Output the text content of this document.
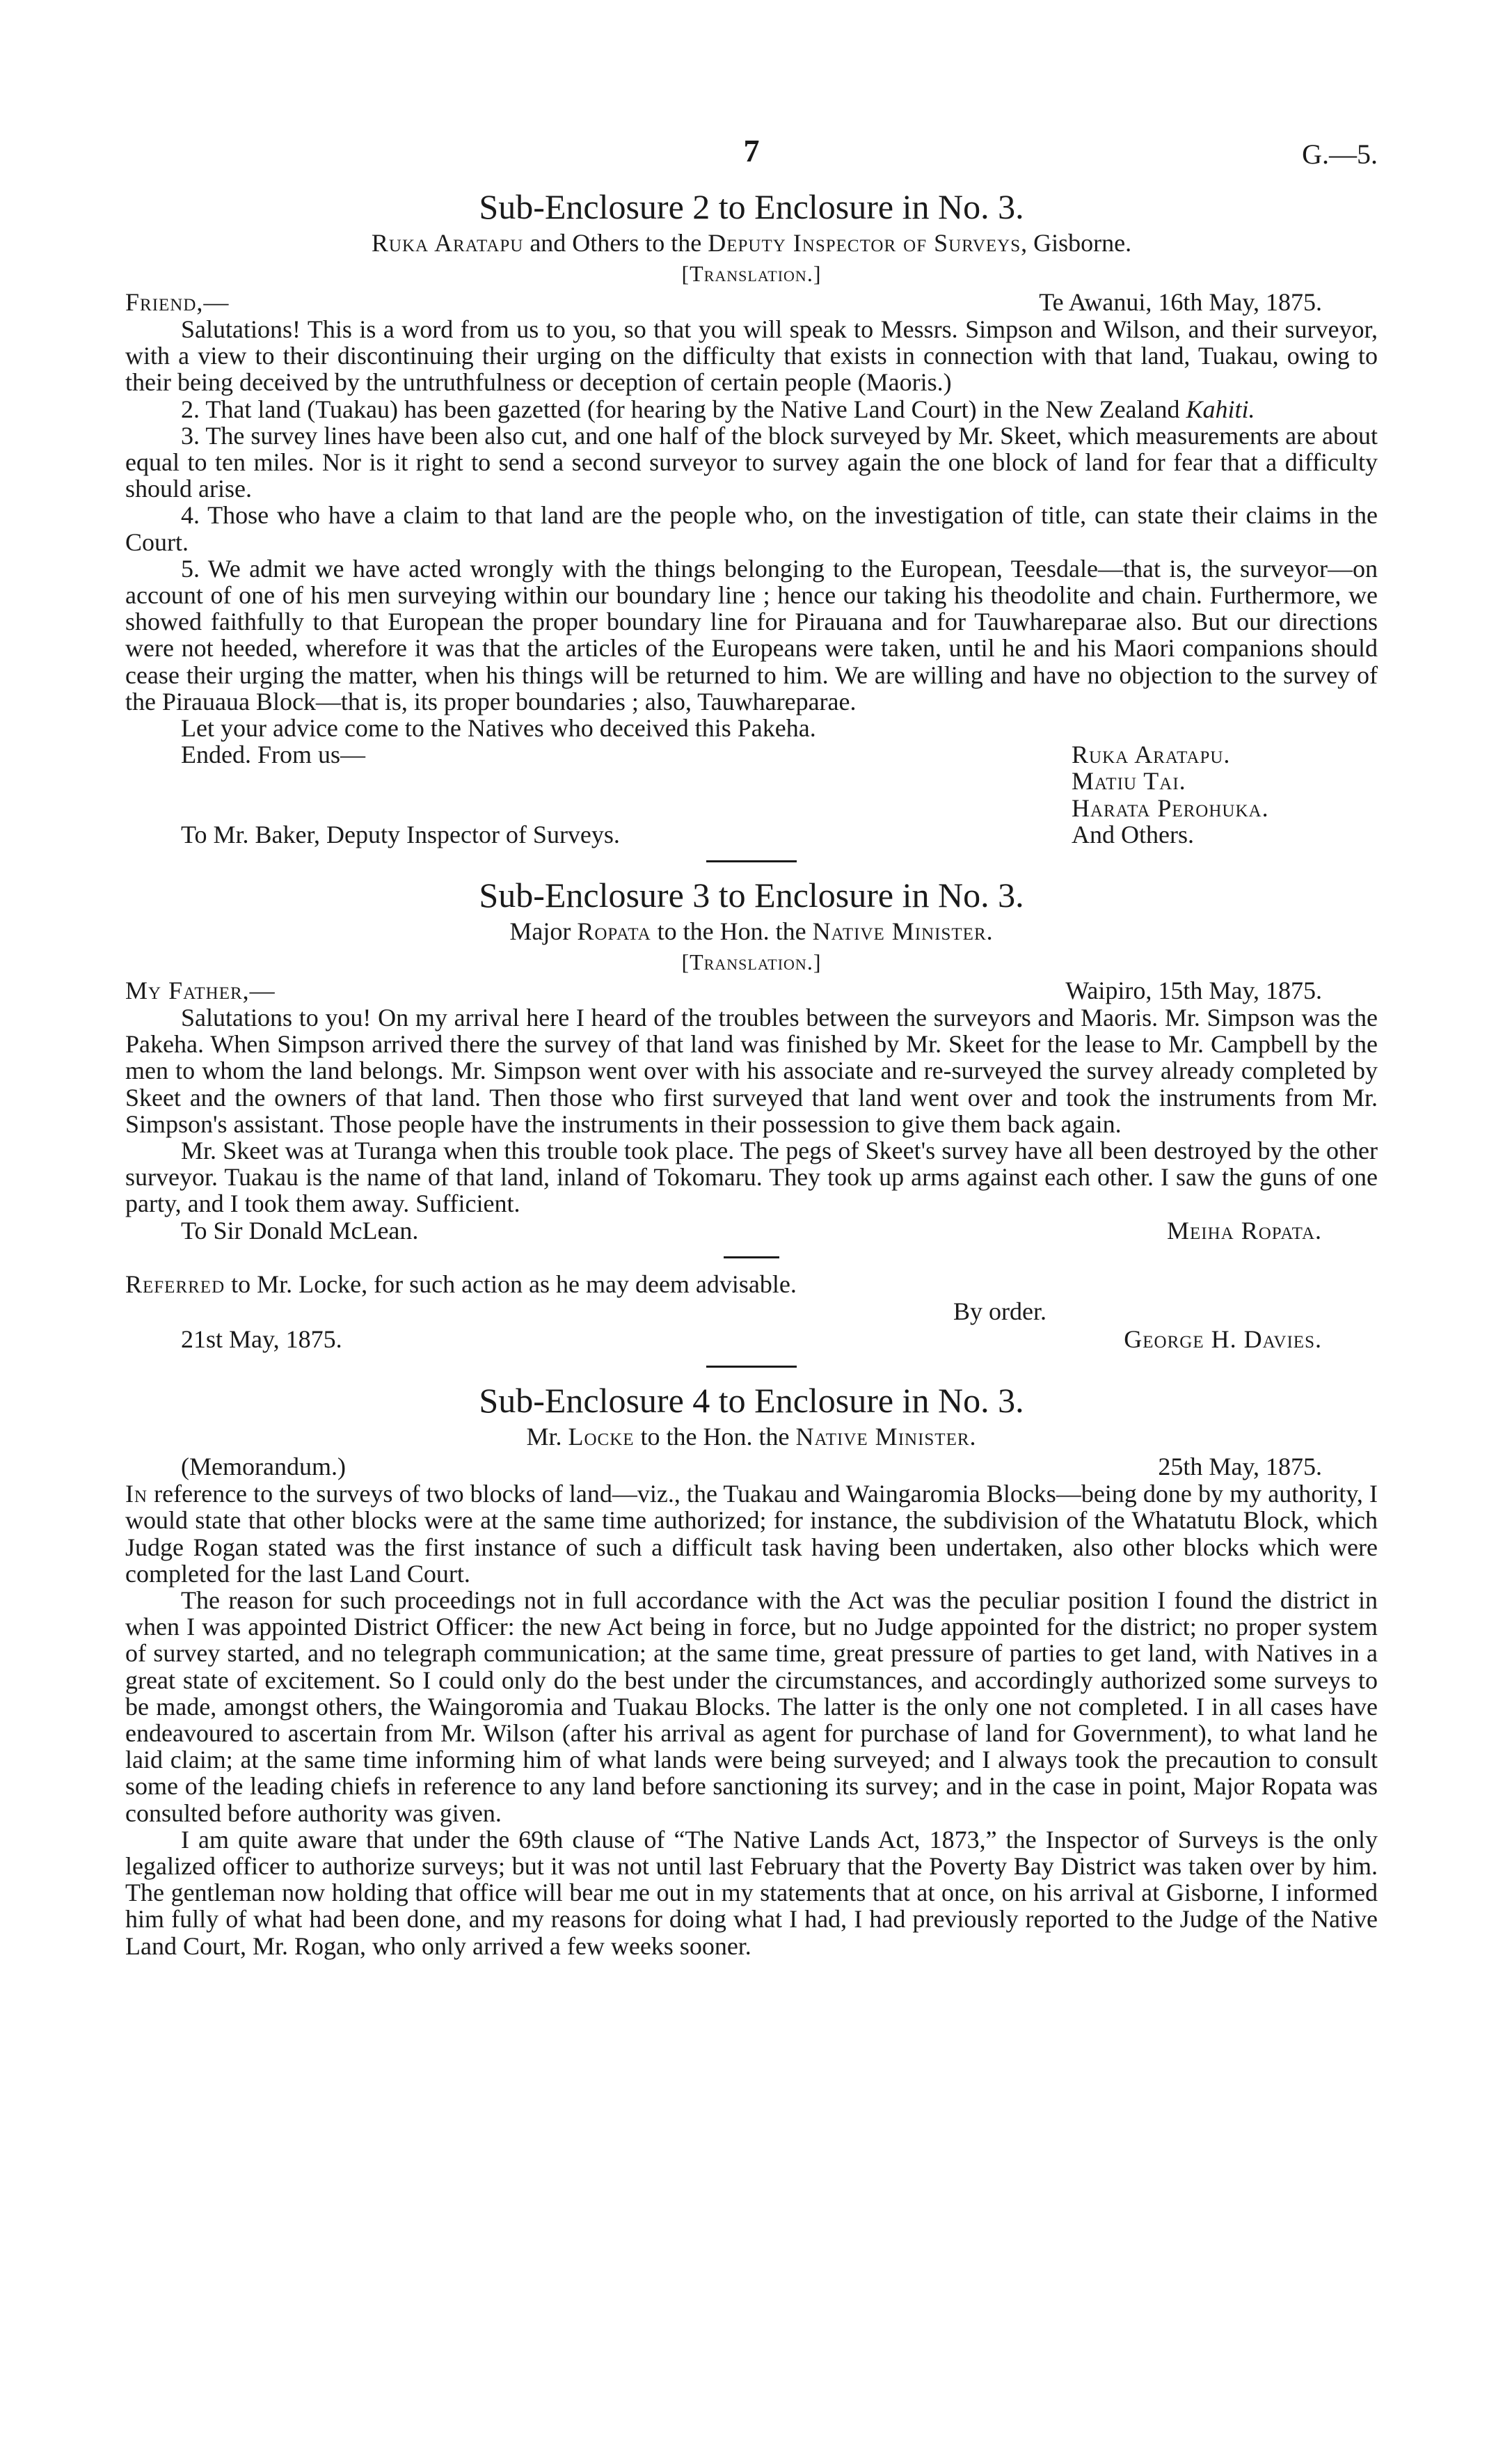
7	G.—5.
Sub-Enclosure 2 to Enclosure in No. 3.
Ruka Aratapu and Others to the Deputy Inspector of Surveys, Gisborne.
[Translation.]
Friend,—	Te Awanui, 16th May, 1875.

Salutations! This is a word from us to you, so that you will speak to Messrs. Simpson and Wilson, and their surveyor, with a view to their discontinuing their urging on the difficulty that exists in connection with that land, Tuakau, owing to their being deceived by the untruthfulness or deception of certain people (Maoris.)

2. That land (Tuakau) has been gazetted (for hearing by the Native Land Court) in the New Zealand Kahiti.

3. The survey lines have been also cut, and one half of the block surveyed by Mr. Skeet, which measurements are about equal to ten miles. Nor is it right to send a second surveyor to survey again the one block of land for fear that a difficulty should arise.

4. Those who have a claim to that land are the people who, on the investigation of title, can state their claims in the Court.

5. We admit we have acted wrongly with the things belonging to the European, Teesdale—that is, the surveyor—on account of one of his men surveying within our boundary line ; hence our taking his theodolite and chain. Furthermore, we showed faithfully to that European the proper boundary line for Pirauana and for Tauwhareparae also. But our directions were not heeded, wherefore it was that the articles of the Europeans were taken, until he and his Maori companions should cease their urging the matter, when his things will be returned to him. We are willing and have no objection to the survey of the Pirauaua Block—that is, its proper boundaries ; also, Tauwhareparae.

Let your advice come to the Natives who deceived this Pakeha.

Ended. From us—	Ruka Aratapu.
Matiu Tai.
Harata Perohuka.
To Mr. Baker, Deputy Inspector of Surveys.	And Others.
Sub-Enclosure 3 to Enclosure in No. 3.
Major Ropata to the Hon. the Native Minister.
[Translation.]
My Father,—	Waipiro, 15th May, 1875.

Salutations to you! On my arrival here I heard of the troubles between the surveyors and Maoris. Mr. Simpson was the Pakeha. When Simpson arrived there the survey of that land was finished by Mr. Skeet for the lease to Mr. Campbell by the men to whom the land belongs. Mr. Simpson went over with his associate and re-surveyed the survey already completed by Skeet and the owners of that land. Then those who first surveyed that land went over and took the instruments from Mr. Simpson's assistant. Those people have the instruments in their possession to give them back again.

Mr. Skeet was at Turanga when this trouble took place. The pegs of Skeet's survey have all been destroyed by the other surveyor. Tuakau is the name of that land, inland of Tokomaru. They took up arms against each other. I saw the guns of one party, and I took them away. Sufficient.

To Sir Donald McLean.	Meiha Ropata.

Referred to Mr. Locke, for such action as he may deem advisable.

By order.
21st May, 1875.	George H. Davies.
Sub-Enclosure 4 to Enclosure in No. 3.
Mr. Locke to the Hon. the Native Minister.
(Memorandum.)	25th May, 1875.

In reference to the surveys of two blocks of land—viz., the Tuakau and Waingaromia Blocks—being done by my authority, I would state that other blocks were at the same time authorized; for instance, the subdivision of the Whatatutu Block, which Judge Rogan stated was the first instance of such a difficult task having been undertaken, also other blocks which were completed for the last Land Court.

The reason for such proceedings not in full accordance with the Act was the peculiar position I found the district in when I was appointed District Officer: the new Act being in force, but no Judge appointed for the district; no proper system of survey started, and no telegraph communication; at the same time, great pressure of parties to get land, with Natives in a great state of excitement. So I could only do the best under the circumstances, and accordingly authorized some surveys to be made, amongst others, the Waingoromia and Tuakau Blocks. The latter is the only one not completed. I in all cases have endeavoured to ascertain from Mr. Wilson (after his arrival as agent for purchase of land for Government), to what land he laid claim; at the same time informing him of what lands were being surveyed; and I always took the precaution to consult some of the leading chiefs in reference to any land before sanctioning its survey; and in the case in point, Major Ropata was consulted before authority was given.

I am quite aware that under the 69th clause of “The Native Lands Act, 1873,” the Inspector of Surveys is the only legalized officer to authorize surveys; but it was not until last February that the Poverty Bay District was taken over by him. The gentleman now holding that office will bear me out in my statements that at once, on his arrival at Gisborne, I informed him fully of what had been done, and my reasons for doing what I had, I had previously reported to the Judge of the Native Land Court, Mr. Rogan, who only arrived a few weeks sooner.
